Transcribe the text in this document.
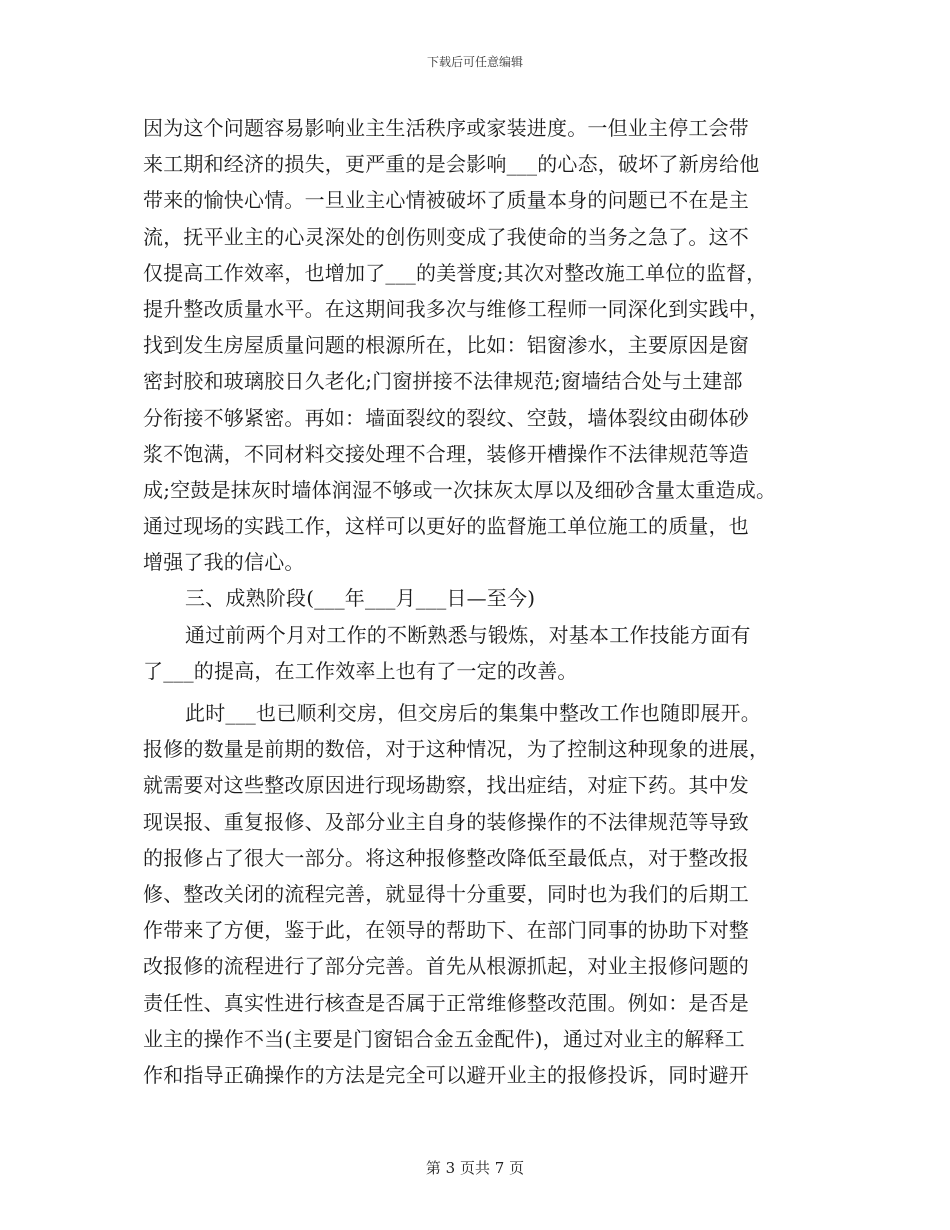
下载后可任意编辑
因为这个问题容易影响业主生活秩序或家装进度。一但业主停工会带
来工期和经济的损失，更严重的是会影响___的心态，破坏了新房给他
带来的愉快心情。一旦业主心情被破坏了质量本身的问题已不在是主
流，抚平业主的心灵深处的创伤则变成了我使命的当务之急了。这不
仅提高工作效率，也增加了___的美誉度;其次对整改施工单位的监督，
提升整改质量水平。在这期间我多次与维修工程师一同深化到实践中，
找到发生房屋质量问题的根源所在，比如：铝窗渗水，主要原因是窗
密封胶和玻璃胶日久老化;门窗拼接不法律规范;窗墙结合处与土建部
分衔接不够紧密。再如：墙面裂纹的裂纹、空鼓，墙体裂纹由砌体砂
浆不饱满，不同材料交接处理不合理，装修开槽操作不法律规范等造
成;空鼓是抹灰时墙体润湿不够或一次抹灰太厚以及细砂含量太重造成。
通过现场的实践工作，这样可以更好的监督施工单位施工的质量，也
增强了我的信心。
三、成熟阶段(___年___月___日—至今)
通过前两个月对工作的不断熟悉与锻炼，对基本工作技能方面有
了___的提高，在工作效率上也有了一定的改善。
此时___也已顺利交房，但交房后的集集中整改工作也随即展开。
报修的数量是前期的数倍，对于这种情况，为了控制这种现象的进展，
就需要对这些整改原因进行现场勘察，找出症结，对症下药。其中发
现误报、重复报修、及部分业主自身的装修操作的不法律规范等导致
的报修占了很大一部分。将这种报修整改降低至最低点，对于整改报
修、整改关闭的流程完善，就显得十分重要，同时也为我们的后期工
作带来了方便，鉴于此，在领导的帮助下、在部门同事的协助下对整
改报修的流程进行了部分完善。首先从根源抓起，对业主报修问题的
责任性、真实性进行核查是否属于正常维修整改范围。例如：是否是
业主的操作不当(主要是门窗铝合金五金配件)，通过对业主的解释工
作和指导正确操作的方法是完全可以避开业主的报修投诉，同时避开
第 3 页共 7 页
